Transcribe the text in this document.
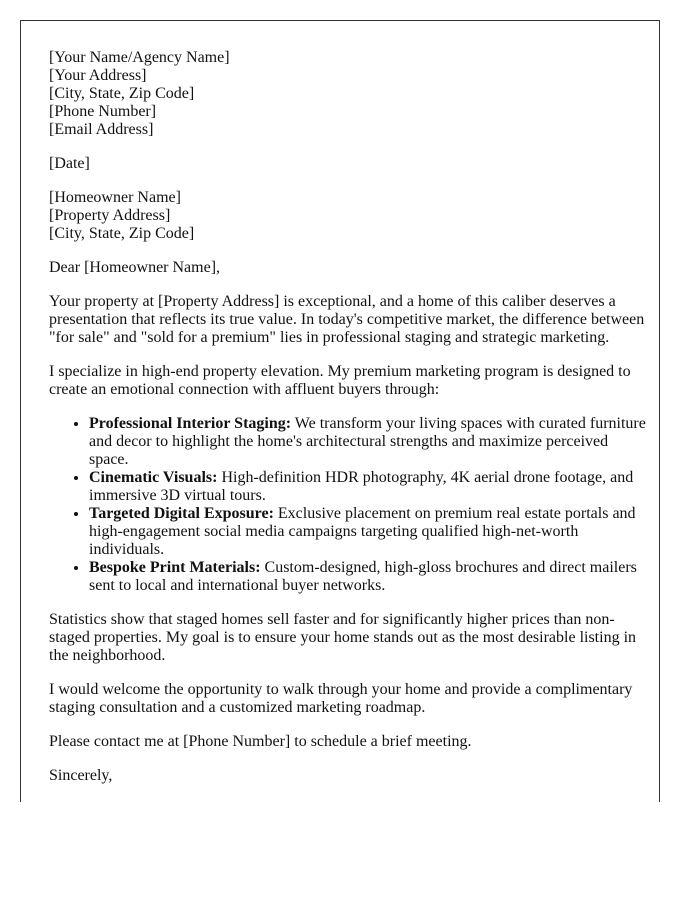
[Your Name/Agency Name]
[Your Address]
[City, State, Zip Code]
[Phone Number]
[Email Address]
[Date]
[Homeowner Name]
[Property Address]
[City, State, Zip Code]

Dear [Homeowner Name],

Your property at [Property Address] is exceptional, and a home of this caliber deserves a presentation that reflects its true value. In today's competitive market, the difference between "for sale" and "sold for a premium" lies in professional staging and strategic marketing.

I specialize in high-end property elevation. My premium marketing program is designed to create an emotional connection with affluent buyers through:

• Professional Interior Staging: We transform your living spaces with curated furniture and decor to highlight the home's architectural strengths and maximize perceived space.
• Cinematic Visuals: High-definition HDR photography, 4K aerial drone footage, and immersive 3D virtual tours.
• Targeted Digital Exposure: Exclusive placement on premium real estate portals and high-engagement social media campaigns targeting qualified high-net-worth individuals.
• Bespoke Print Materials: Custom-designed, high-gloss brochures and direct mailers sent to local and international buyer networks.

Statistics show that staged homes sell faster and for significantly higher prices than non-staged properties. My goal is to ensure your home stands out as the most desirable listing in the neighborhood.

I would welcome the opportunity to walk through your home and provide a complimentary staging consultation and a customized marketing roadmap.

Please contact me at [Phone Number] to schedule a brief meeting.

Sincerely,
